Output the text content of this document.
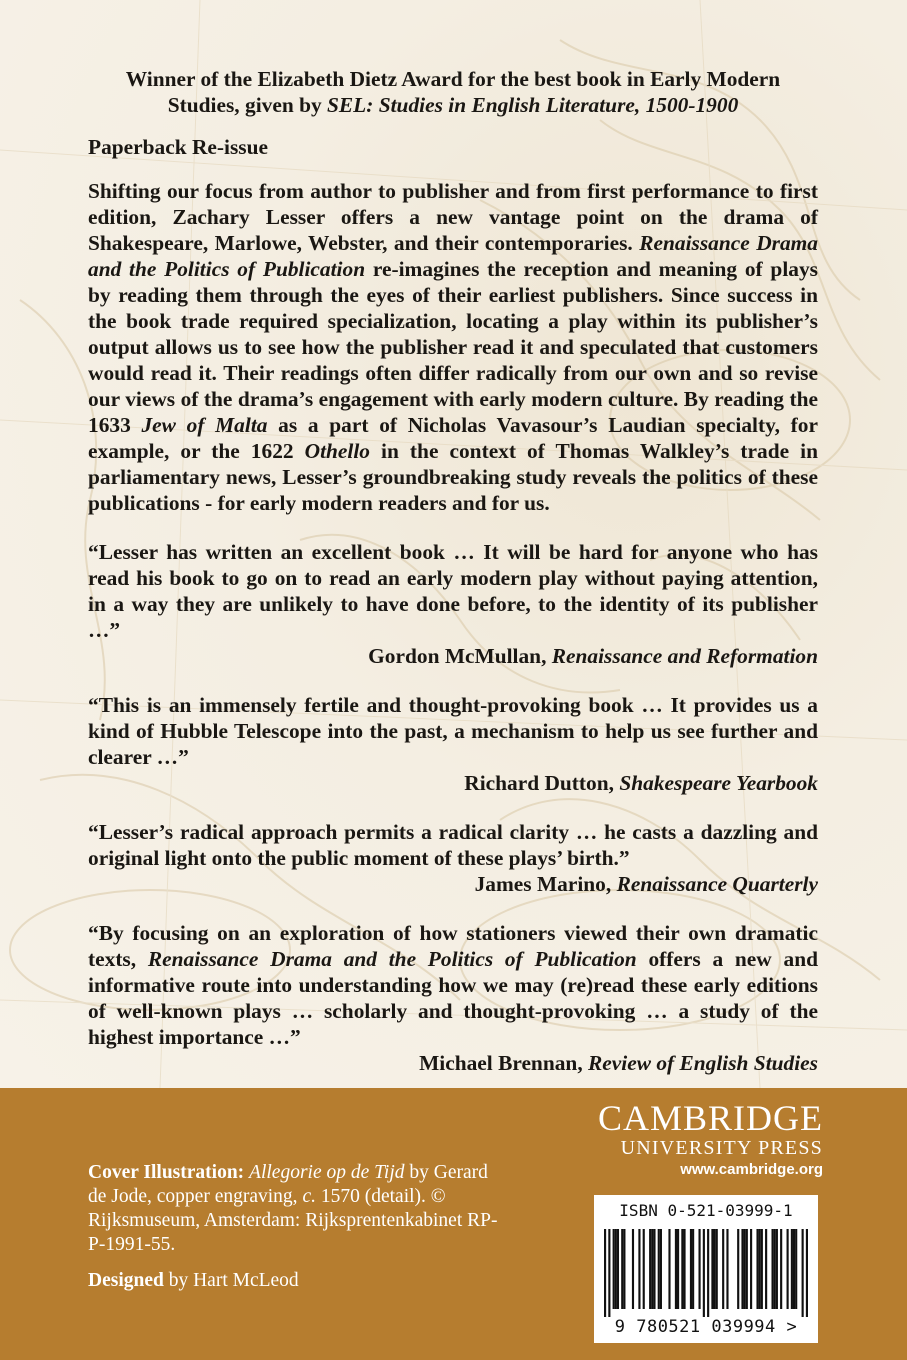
Winner of the Elizabeth Dietz Award for the best book in Early Modern

Studies, given by SEL: Studies in English Literature, 1500-1900

Paperback Re-issue

Shifting our focus from author to publisher and from first performance to first edition, Zachary Lesser offers a new vantage point on the drama of Shakespeare, Marlowe, Webster, and their contemporaries. Renaissance Drama and the Politics of Publication re-imagines the reception and meaning of plays by reading them through the eyes of their earliest publishers. Since success in the book trade required specialization, locating a play within its publisher’s output allows us to see how the publisher read it and speculated that customers would read it. Their readings often differ radically from our own and so revise our views of the drama’s engagement with early modern culture. By reading the 1633 Jew of Malta as a part of Nicholas Vavasour’s Laudian specialty, for example, or the 1622 Othello in the context of Thomas Walkley’s trade in parliamentary news, Lesser’s groundbreaking study reveals the politics of these publications - for early modern readers and for us.

“Lesser has written an excellent book … It will be hard for anyone who has read his book to go on to read an early modern play without paying attention, in a way they are unlikely to have done before, to the identity of its publisher …”

Gordon McMullan, Renaissance and Reformation

“This is an immensely fertile and thought-provoking book … It provides us a kind of Hubble Telescope into the past, a mechanism to help us see further and clearer …”

Richard Dutton, Shakespeare Yearbook

“Lesser’s radical approach permits a radical clarity … he casts a dazzling and original light onto the public moment of these plays’ birth.”

James Marino, Renaissance Quarterly

“By focusing on an exploration of how stationers viewed their own dramatic texts, Renaissance Drama and the Politics of Publication offers a new and informative route into understanding how we may (re)read these early editions of well-known plays … scholarly and thought-provoking … a study of the highest importance …”

Michael Brennan, Review of English Studies

CAMBRIDGE
UNIVERSITY PRESS
www.cambridge.org

Cover Illustration: Allegorie op de Tijd by Gerard de Jode, copper engraving, c. 1570 (detail). © Rijksmuseum, Amsterdam: Rijksprentenkabinet RP-P-1991-55.

Designed by Hart McLeod

ISBN 0-521-03999-1
9 780521 039994 >
